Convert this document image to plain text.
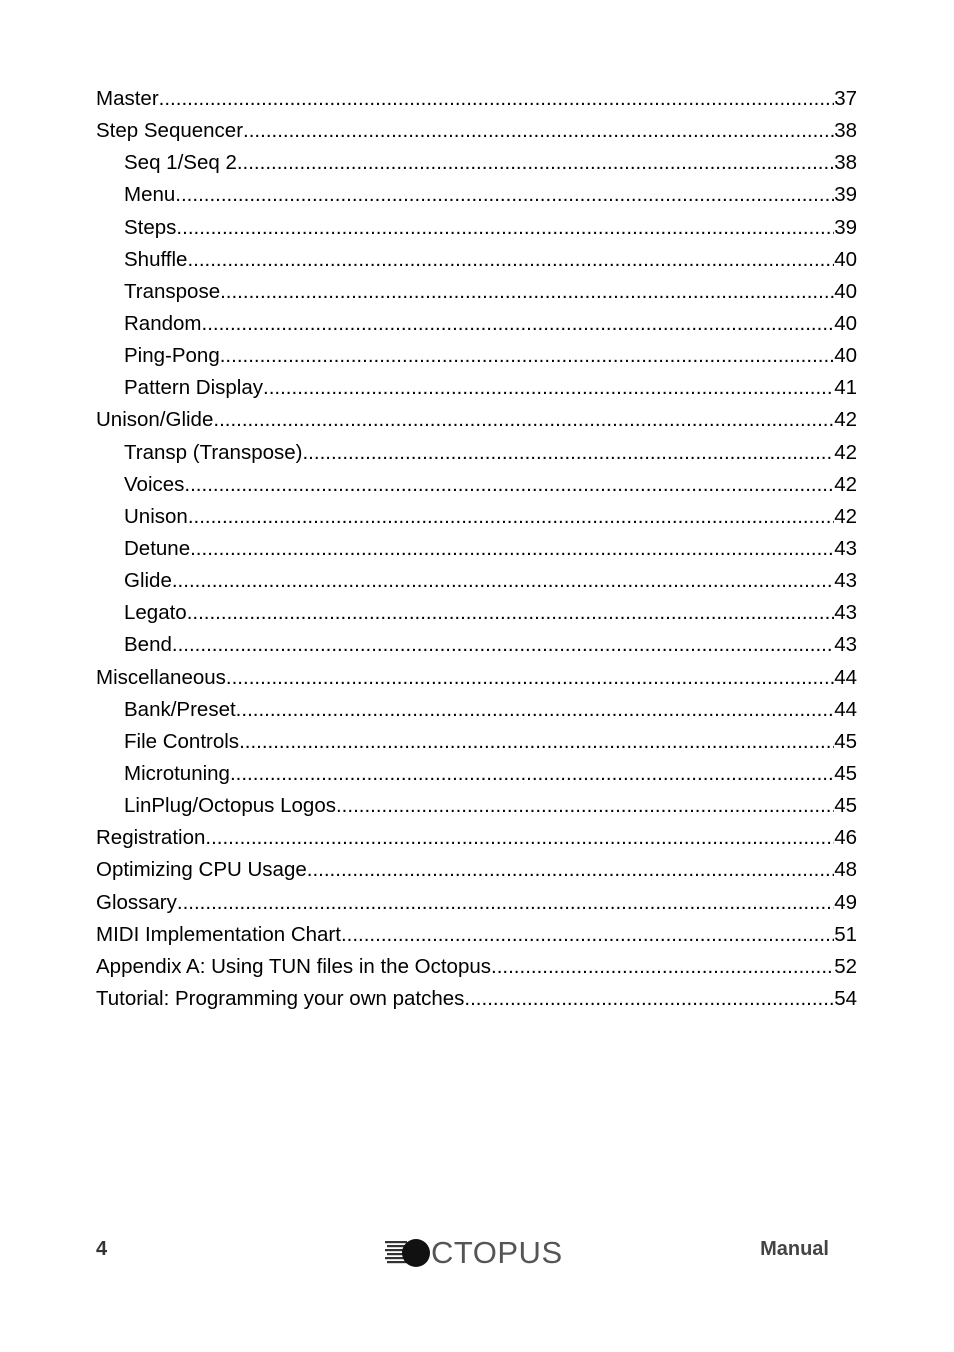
Master .....	37
Step Sequencer .....	38
Seq 1/Seq 2 .....	38
Menu .....	39
Steps .....	39
Shuffle .....	40
Transpose .....	40
Random .....	40
Ping-Pong .....	40
Pattern Display .....	41
Unison/Glide .....	42
Transp (Transpose) .....	42
Voices .....	42
Unison .....	42
Detune .....	43
Glide .....	43
Legato .....	43
Bend .....	43
Miscellaneous .....	44
Bank/Preset .....	44
File Controls .....	45
Microtuning .....	45
LinPlug/Octopus Logos .....	45
Registration .....	46
Optimizing CPU Usage .....	48
Glossary .....	49
MIDI Implementation Chart .....	51
Appendix A: Using TUN files in the Octopus .....	52
Tutorial: Programming your own patches .....	54
4	CTOPUS	Manual
